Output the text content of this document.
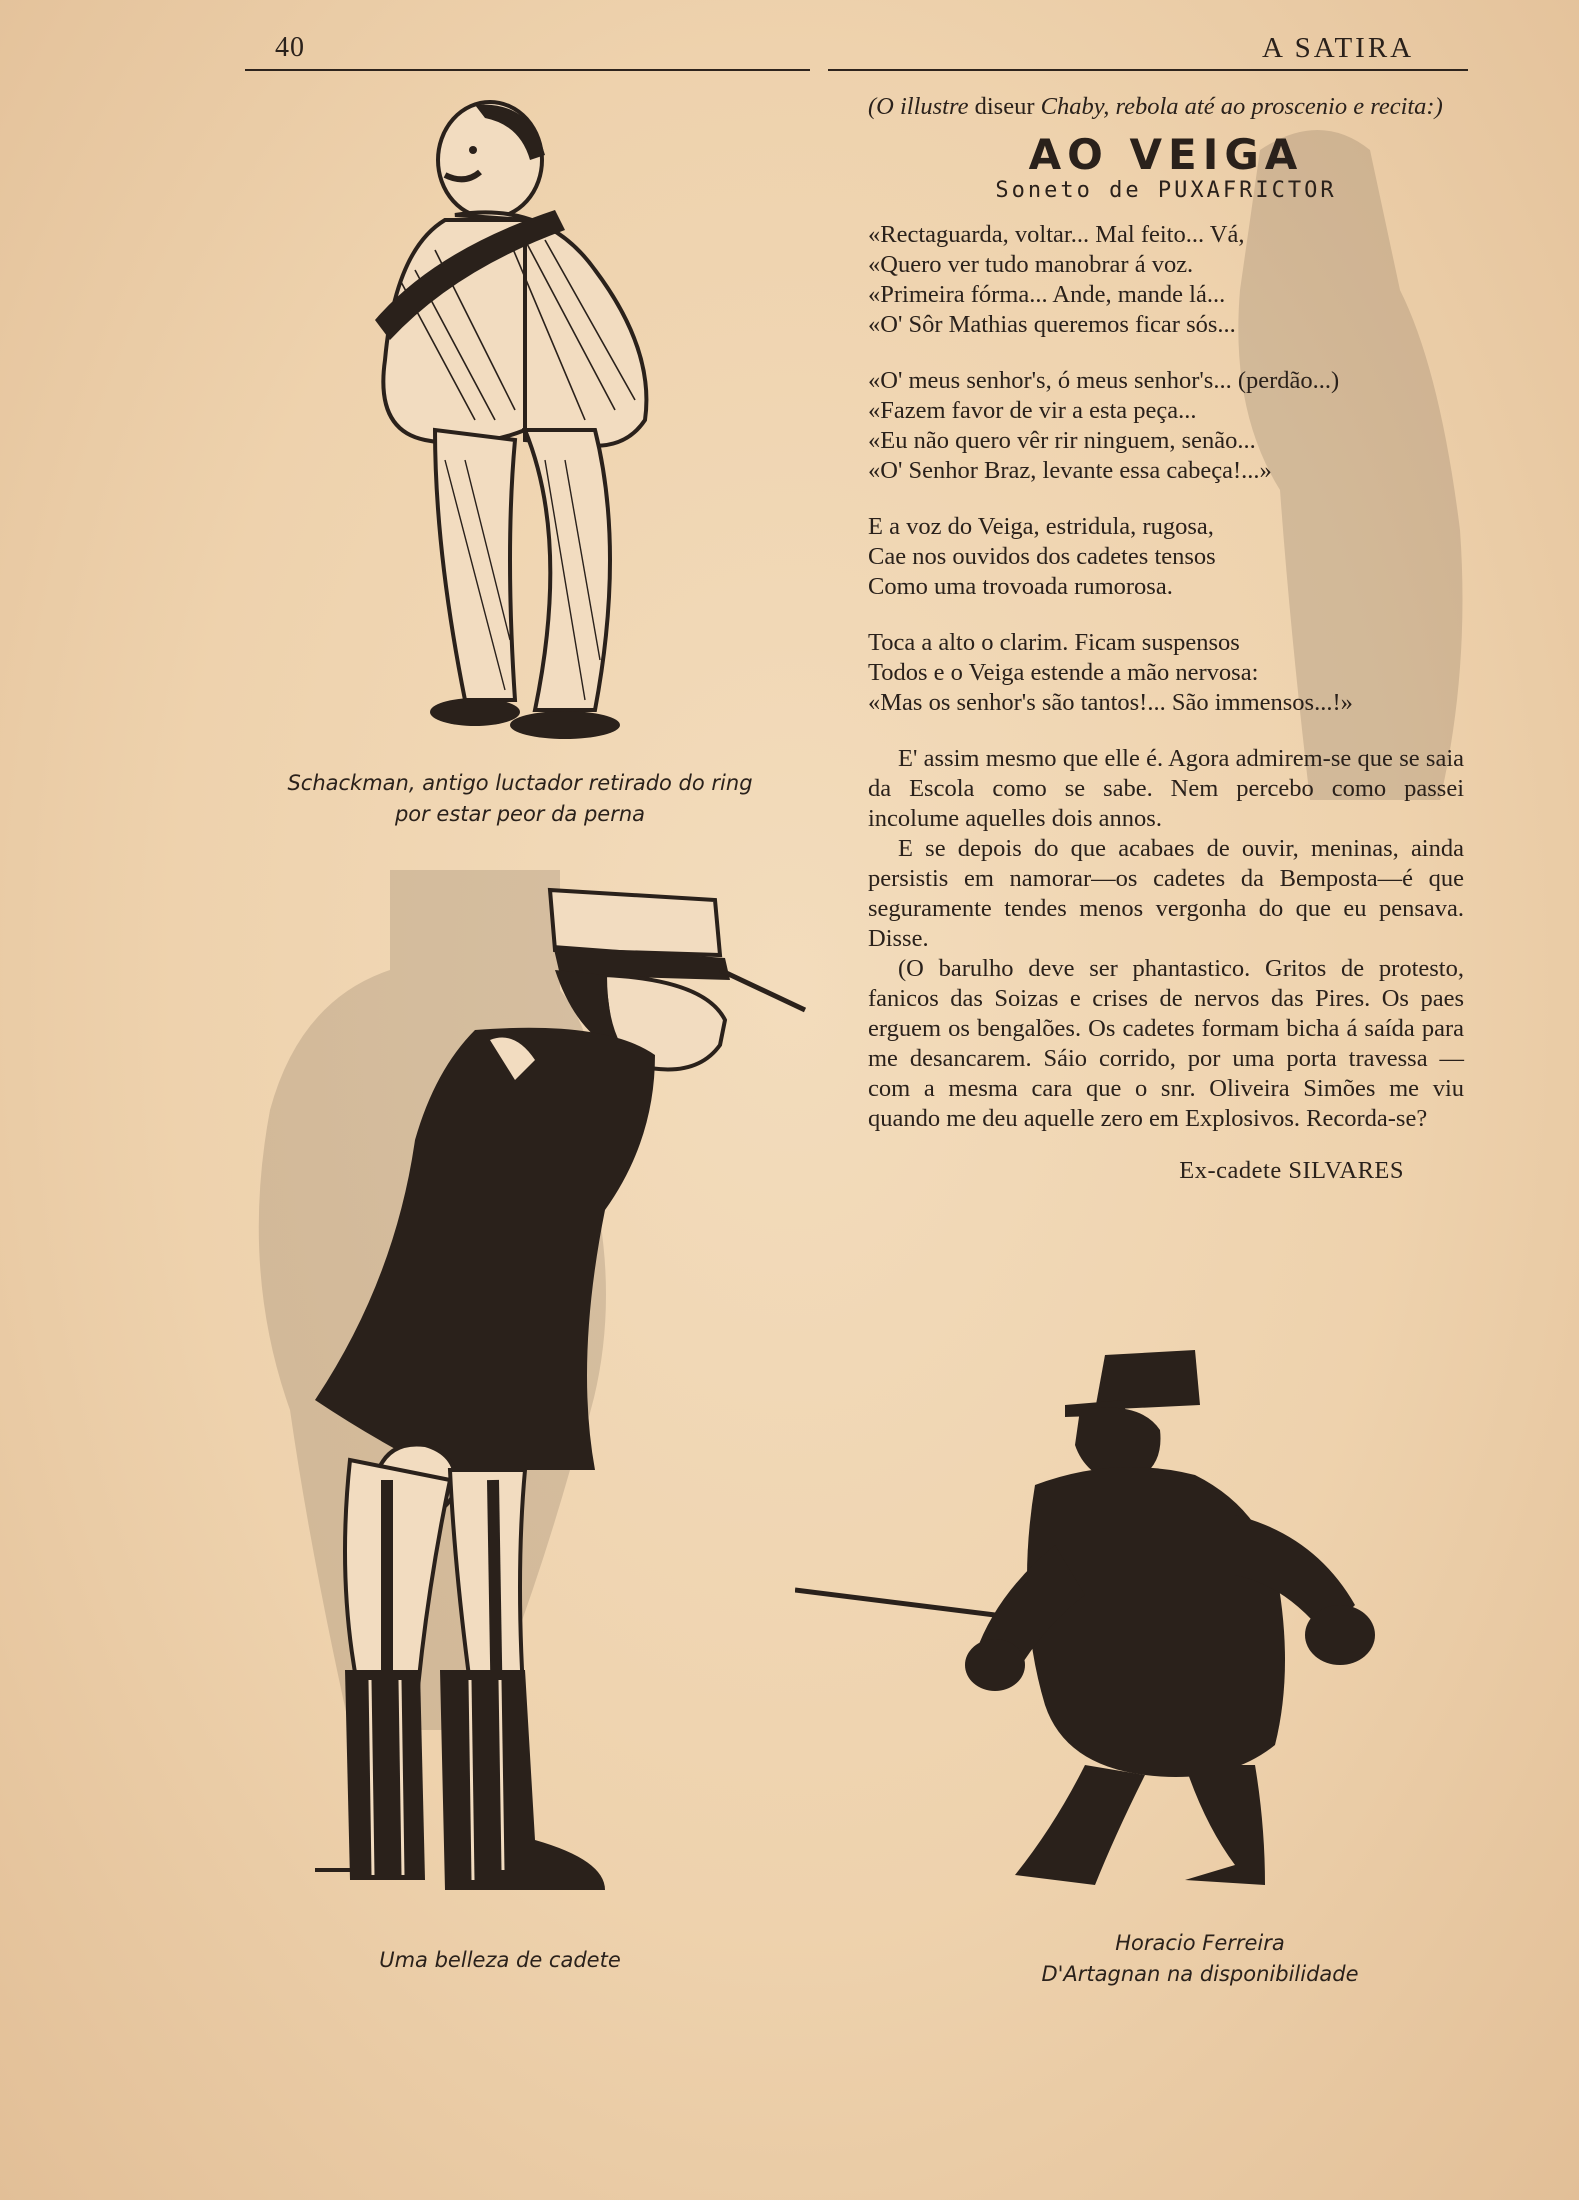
40	A SATIRA
Schackman, antigo luctador retirado do ring
por estar peor da perna
Uma belleza de cadete
Horacio Ferreira
D'Artagnan na disponibilidade

(O illustre diseur Chaby, rebola até ao proscenio e recita:)

AO VEIGA
Soneto de PUXAFRICTOR
«Rectaguarda, voltar... Mal feito... Vá,
«Quero ver tudo manobrar á voz.
«Primeira fórma... Ande, mande lá...
«O' Sôr Mathias queremos ficar sós...
«O' meus senhor's, ó meus senhor's... (perdão...)
«Fazem favor de vir a esta peça...
«Eu não quero vêr rir ninguem, senão...
«O' Senhor Braz, levante essa cabeça!...»
E a voz do Veiga, estridula, rugosa,
Cae nos ouvidos dos cadetes tensos
Como uma trovoada rumorosa.
Toca a alto o clarim. Ficam suspensos
Todos e o Veiga estende a mão nervosa:
«Mas os senhor's são tantos!... São immensos...!»

E' assim mesmo que elle é. Agora admirem-se que se saia da Escola como se sabe. Nem percebo como passei incolume aquelles dois annos.

E se depois do que acabaes de ouvir, meninas, ainda persistis em namorar—os cadetes da Bemposta—é que seguramente tendes menos vergonha do que eu pensava. Disse.

(O barulho deve ser phantastico. Gritos de protesto, fanicos das Soizas e crises de nervos das Pires. Os paes erguem os bengalões. Os cadetes formam bicha á saída para me desancarem. Sáio corrido, por uma porta travessa — com a mesma cara que o snr. Oliveira Simões me viu quando me deu aquelle zero em Explosivos. Recorda-se?

Ex-cadete SILVARES
